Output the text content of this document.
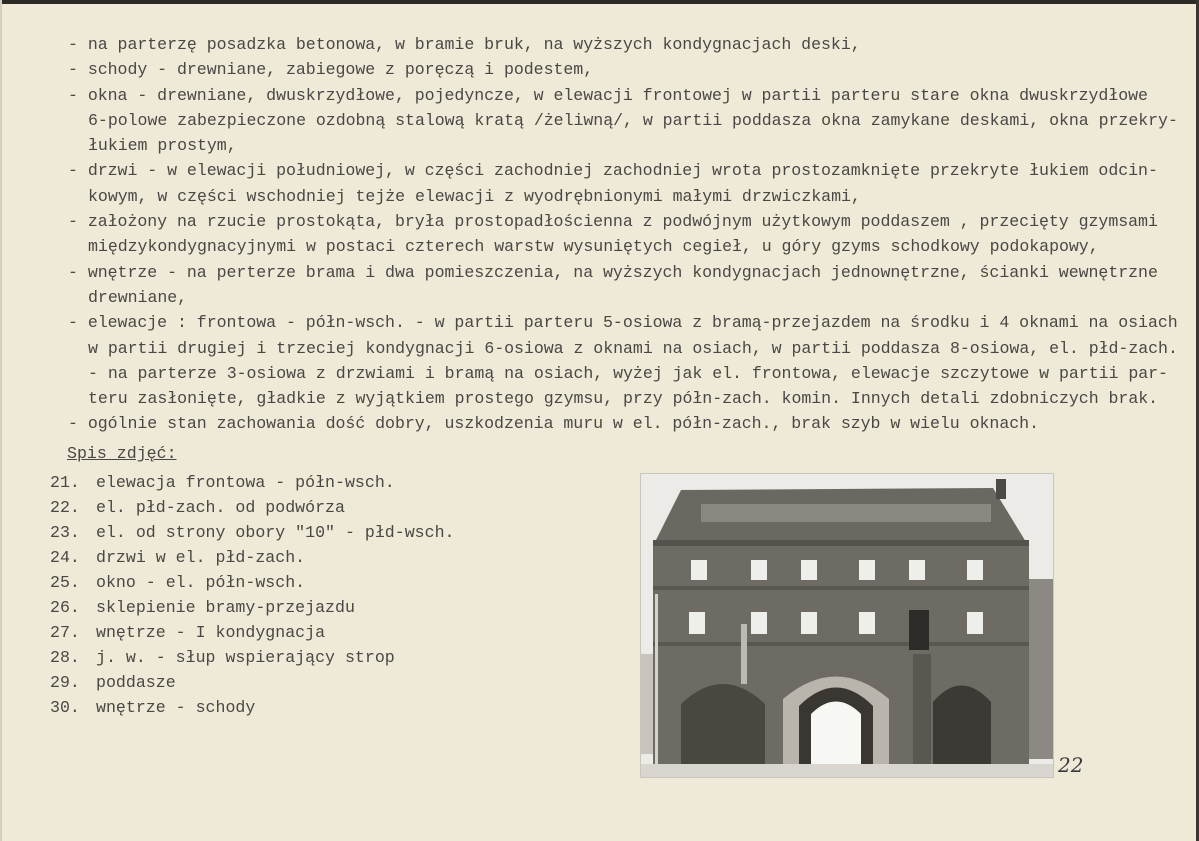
- na parterzę posadzka betonowa, w bramie bruk, na wyższych kondygnacjach deski,
- schody - drewniane, zabiegowe z poręczą i podestem,
- okna - drewniane, dwuskrzydłowe, pojedyncze, w elewacji frontowej w partii parteru stare okna dwuskrzydłowe
6-polowe zabezpieczone ozdobną stalową kratą /żeliwną/, w partii poddasza okna zamykane deskami, okna przekry-
łukiem prostym,
- drzwi - w elewacji południowej, w części zachodniej zachodniej wrota prostozamknięte przekryte łukiem odcin-
kowym, w części wschodniej tejże elewacji z wyodrębnionymi małymi drzwiczkami,
- założony na rzucie prostokąta, bryła prostopadłościenna z podwójnym użytkowym poddaszem , przecięty gzymsami
międzykondygnacyjnymi w postaci czterech warstw wysuniętych cegieł, u góry gzyms schodkowy podokapowy,
- wnętrze - na perterze brama i dwa pomieszczenia, na wyższych kondygnacjach jednownętrzne, ścianki wewnętrzne
drewniane,
- elewacje : frontowa - półn-wsch. - w partii parteru 5-osiowa z bramą-przejazdem na środku i 4 oknami na osiach
w partii drugiej i trzeciej kondygnacji 6-osiowa z oknami na osiach, w partii poddasza 8-osiowa, el. płd-zach.
- na parterze 3-osiowa z drzwiami i bramą na osiach, wyżej jak el. frontowa, elewacje szczytowe w partii par-
teru zasłonięte, gładkie z wyjątkiem prostego gzymsu, przy półn-zach. komin. Innych detali zdobniczych brak.
- ogólnie stan zachowania dość dobry, uszkodzenia muru w el. półn-zach., brak szyb w wielu oknach.
Spis zdjęć:
21. elewacja frontowa - półn-wsch.
22. el. płd-zach. od podwórza
23. el. od strony obory "10" - płd-wsch.
24. drzwi w el. płd-zach.
25. okno - el. półn-wsch.
26. sklepienie bramy-przejazdu
27. wnętrze - I kondygnacja
28. j. w. - słup wspierający strop
29. poddasze
30. wnętrze - schody
22
